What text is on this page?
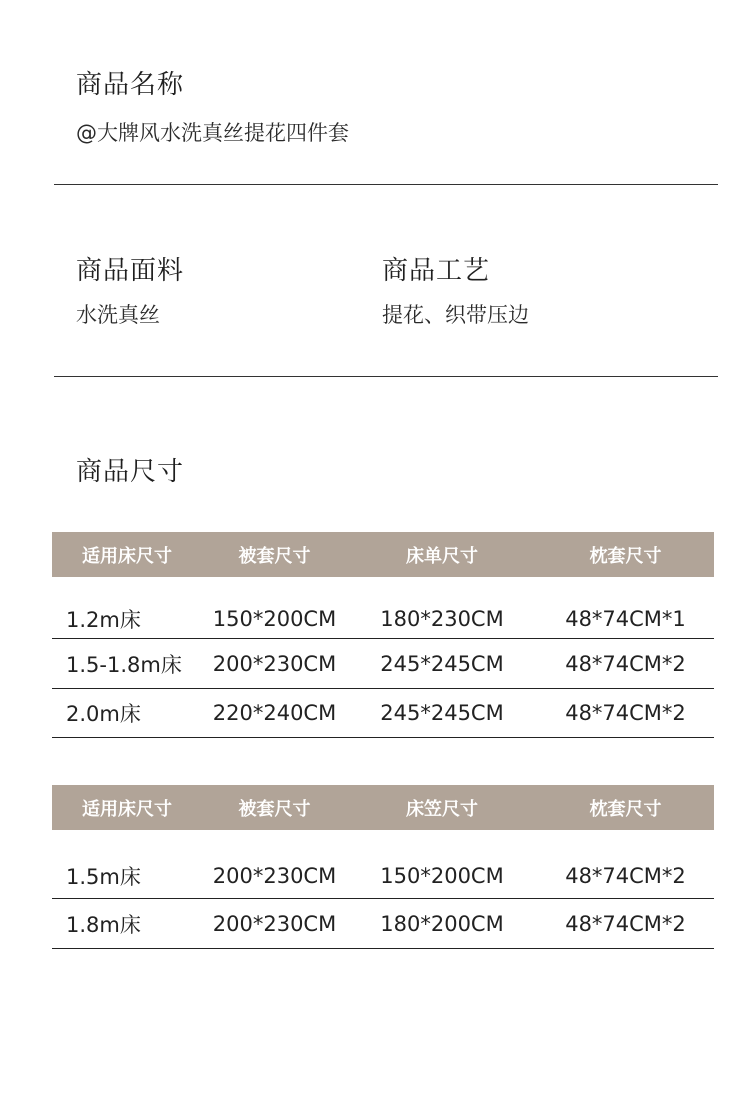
商品名称
@大牌风水洗真丝提花四件套
商品面料
水洗真丝
商品工艺
提花、织带压边
商品尺寸
适用床尺寸	被套尺寸	床单尺寸	枕套尺寸
1.2m床	150*200CM	180*230CM	48*74CM*1
1.5-1.8m床	200*230CM	245*245CM	48*74CM*2
2.0m床	220*240CM	245*245CM	48*74CM*2
适用床尺寸	被套尺寸	床笠尺寸	枕套尺寸
1.5m床	200*230CM	150*200CM	48*74CM*2
1.8m床	200*230CM	180*200CM	48*74CM*2
